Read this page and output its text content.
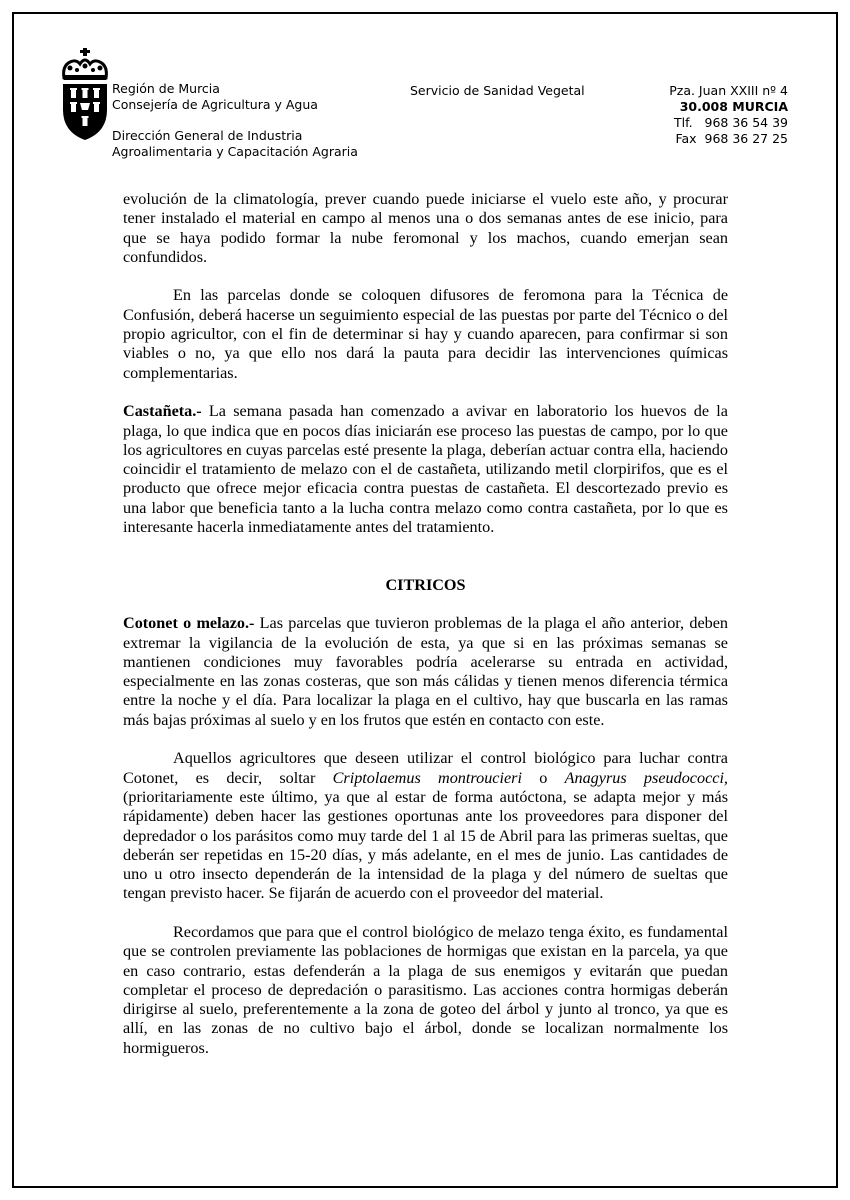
Región de Murcia
Consejería de Agricultura y Agua
Dirección General de Industria
Agroalimentaria y Capacitación Agraria
Servicio de Sanidad Vegetal	Pza. Juan XXIII nº 4
30.008 MURCIA
Tlf.   968 36 54 39
Fax  968 36 27 25

evolución de la climatología, prever cuando puede iniciarse el vuelo este año, y procurar tener instalado el material en campo al menos una o dos semanas antes de ese inicio, para que se haya podido formar la nube feromonal y los machos, cuando emerjan sean confundidos.

En las parcelas donde se coloquen difusores de feromona para la Técnica de Confusión, deberá hacerse un seguimiento especial de las puestas por parte del Técnico o del propio agricultor, con el fin de determinar si hay y cuando aparecen, para confirmar si son viables o no, ya que ello nos dará la pauta para decidir las intervenciones químicas complementarias.

Castañeta.- La semana pasada han comenzado a avivar en laboratorio los huevos de la plaga, lo que indica que en pocos días iniciarán ese proceso las puestas de campo, por lo que los agricultores en cuyas parcelas esté presente la plaga, deberían actuar contra ella, haciendo coincidir el tratamiento de melazo con el de castañeta, utilizando metil clorpirifos, que es el producto que ofrece mejor eficacia contra puestas de castañeta. El descortezado previo es una labor que beneficia tanto a la lucha contra melazo como contra castañeta, por lo que es interesante hacerla inmediatamente antes del tratamiento.

CITRICOS

Cotonet o melazo.- Las parcelas que tuvieron problemas de la plaga el año anterior, deben extremar la vigilancia de la evolución de esta, ya que si en las próximas semanas se mantienen condiciones muy favorables podría acelerarse su entrada en actividad, especialmente en las zonas costeras, que son más cálidas y tienen menos diferencia térmica entre la noche y el día. Para localizar la plaga en el cultivo, hay que buscarla en las ramas más bajas próximas al suelo y en los frutos que estén en contacto con este.

Aquellos agricultores que deseen utilizar el control biológico para luchar contra Cotonet, es decir, soltar Criptolaemus montroucieri o Anagyrus pseudococci, (prioritariamente este último, ya que al estar de forma autóctona, se adapta mejor y más rápidamente) deben hacer las gestiones oportunas ante los proveedores para disponer del depredador o los parásitos como muy tarde del 1 al 15 de Abril para las primeras sueltas, que deberán ser repetidas en 15-20 días, y más adelante, en el mes de junio. Las cantidades de uno u otro insecto dependerán de la intensidad de la plaga y del número de sueltas que tengan previsto hacer. Se fijarán de acuerdo con el proveedor del material.

Recordamos que para que el control biológico de melazo tenga éxito, es fundamental que se controlen previamente las poblaciones de hormigas que existan en la parcela, ya que en caso contrario, estas defenderán a la plaga de sus enemigos y evitarán que puedan completar el proceso de depredación o parasitismo. Las acciones contra hormigas deberán dirigirse al suelo, preferentemente a la zona de goteo del árbol y junto al tronco, ya que es allí, en las zonas de no cultivo bajo el árbol, donde se localizan normalmente los hormigueros.
